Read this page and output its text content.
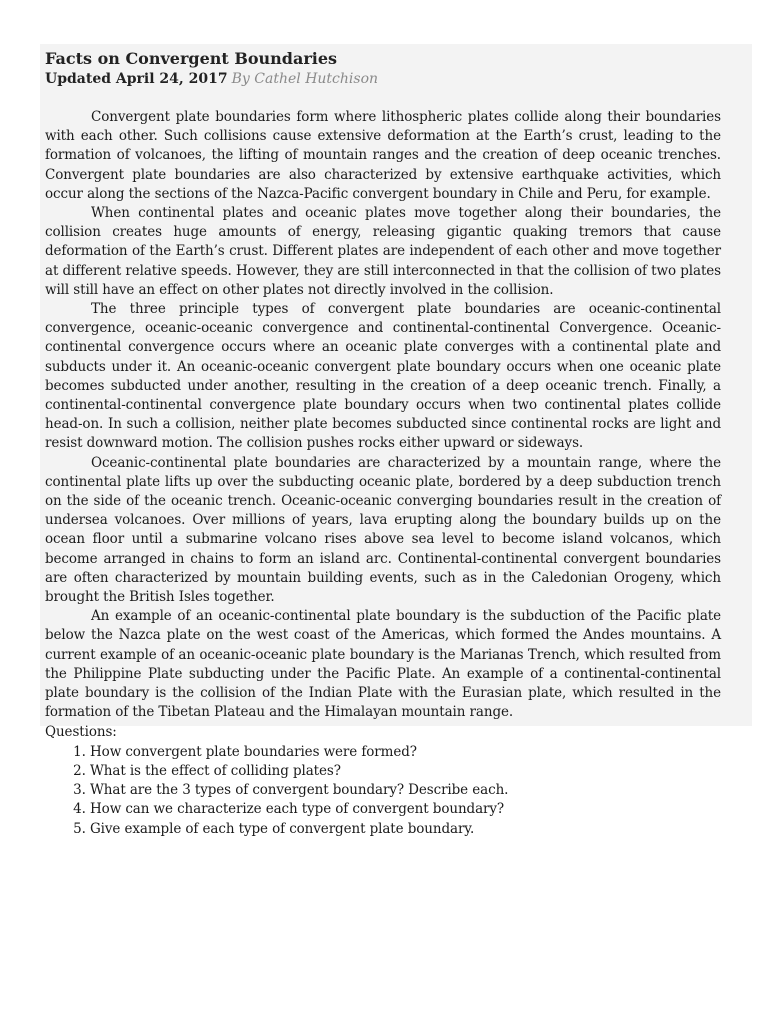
Facts on Convergent Boundaries
Updated April 24, 2017 By Cathel Hutchison

Convergent plate boundaries form where lithospheric plates collide along their boundaries with each other. Such collisions cause extensive deformation at the Earth’s crust, leading to the formation of volcanoes, the lifting of mountain ranges and the creation of deep oceanic trenches. Convergent plate boundaries are also characterized by extensive earthquake activities, which occur along the sections of the Nazca-Pacific convergent boundary in Chile and Peru, for example.

When continental plates and oceanic plates move together along their boundaries, the collision creates huge amounts of energy, releasing gigantic quaking tremors that cause deformation of the Earth’s crust. Different plates are independent of each other and move together at different relative speeds. However, they are still interconnected in that the collision of two plates will still have an effect on other plates not directly involved in the collision.

The three principle types of convergent plate boundaries are oceanic-continental convergence, oceanic-oceanic convergence and continental-continental Convergence. Oceanic-continental convergence occurs where an oceanic plate converges with a continental plate and subducts under it. An oceanic-oceanic convergent plate boundary occurs when one oceanic plate becomes subducted under another, resulting in the creation of a deep oceanic trench. Finally, a continental-continental convergence plate boundary occurs when two continental plates collide head-on. In such a collision, neither plate becomes subducted since continental rocks are light and resist downward motion. The collision pushes rocks either upward or sideways.

Oceanic-continental plate boundaries are characterized by a mountain range, where the continental plate lifts up over the subducting oceanic plate, bordered by a deep subduction trench on the side of the oceanic trench. Oceanic-oceanic converging boundaries result in the creation of undersea volcanoes. Over millions of years, lava erupting along the boundary builds up on the ocean floor until a submarine volcano rises above sea level to become island volcanos, which become arranged in chains to form an island arc. Continental-continental convergent boundaries are often characterized by mountain building events, such as in the Caledonian Orogeny, which brought the British Isles together.

An example of an oceanic-continental plate boundary is the subduction of the Pacific plate below the Nazca plate on the west coast of the Americas, which formed the Andes mountains. A current example of an oceanic-oceanic plate boundary is the Marianas Trench, which resulted from the Philippine Plate subducting under the Pacific Plate. An example of a continental-continental plate boundary is the collision of the Indian Plate with the Eurasian plate, which resulted in the formation of the Tibetan Plateau and the Himalayan mountain range.

Questions:
1. How convergent plate boundaries were formed?
2. What is the effect of colliding plates?
3. What are the 3 types of convergent boundary? Describe each.
4. How can we characterize each type of convergent boundary?
5. Give example of each type of convergent plate boundary.
